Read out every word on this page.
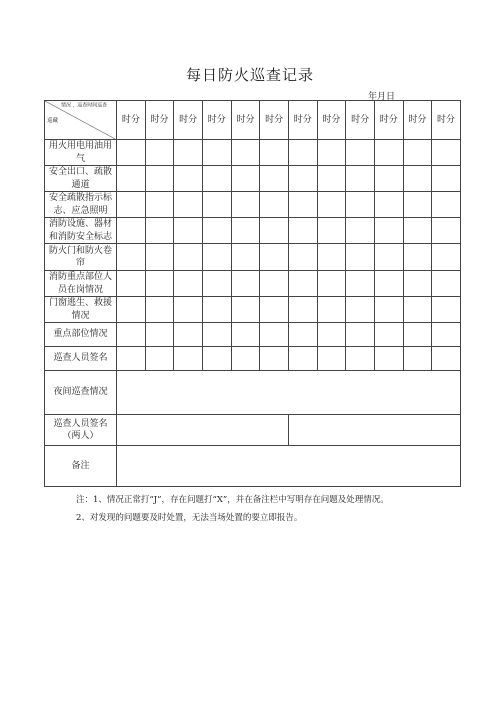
每日防火巡查记录
年月日
情况 ，巡查时间巡查
巡藏	时分	时分	时分	时分	时分	时分	时分	时分	时分	时分	时分	时分
用火用电用油用气												
安全出口、疏散通道												
安全疏散指示标志、应急照明												
消防设施、器材和消防安全标志												
防火门和防火卷帘												
消防重点部位人员在岗情况												
门窗逃生、救援情况												
重点部位情况												
巡查人员签名												
夜间巡查情况												
巡查人员签名（两人）												
备注												
注：1、情况正常打“J”，存在问题打“X”，并在备注栏中写明存在问题及处理情况。
2、对发现的问题要及时处置，无法当场处置的要立即报告。
